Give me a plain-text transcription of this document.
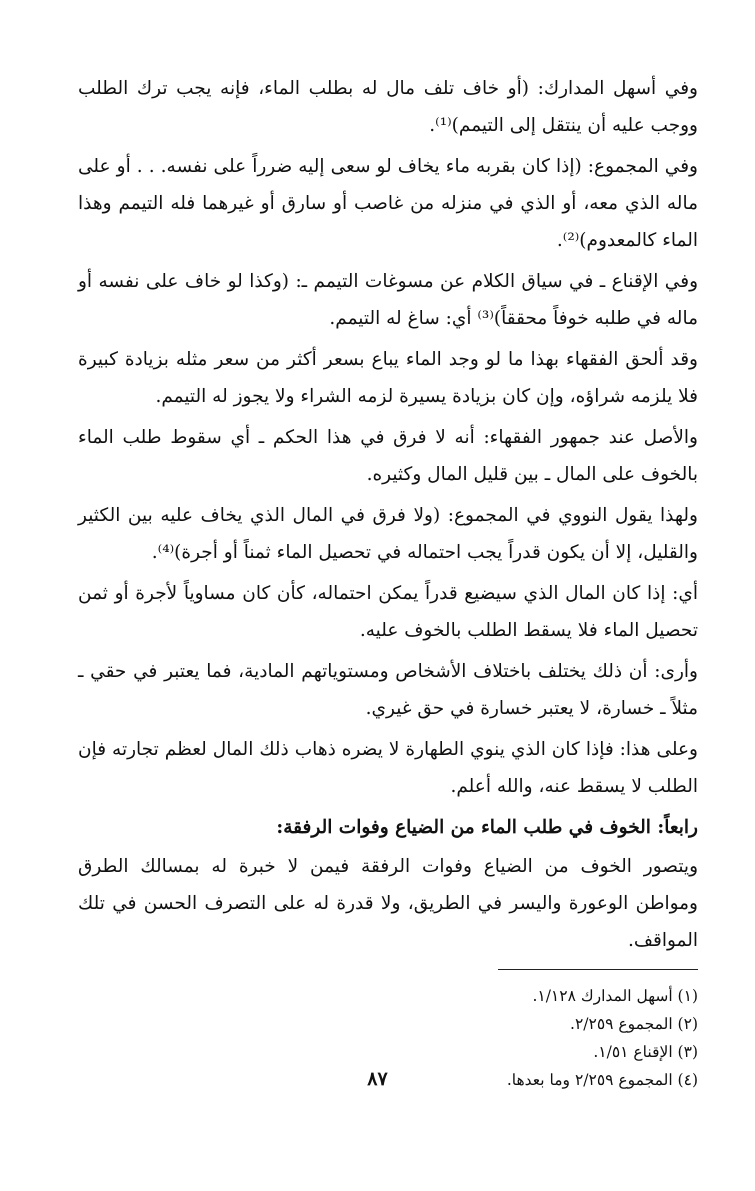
وفي أسهل المدارك: (أو خاف تلف مال له بطلب الماء، فإنه يجب ترك الطلب ووجب عليه أن ينتقل إلى التيمم)⁽¹⁾.

وفي المجموع: (إذا كان بقربه ماء يخاف لو سعى إليه ضرراً على نفسه. . . أو على ماله الذي معه، أو الذي في منزله من غاصب أو سارق أو غيرهما فله التيمم وهذا الماء كالمعدوم)⁽²⁾.

وفي الإقناع ـ في سياق الكلام عن مسوغات التيمم ـ: (وكذا لو خاف على نفسه أو ماله في طلبه خوفاً محققاً)⁽³⁾ أي: ساغ له التيمم.

وقد ألحق الفقهاء بهذا ما لو وجد الماء يباع بسعر أكثر من سعر مثله بزيادة كبيرة فلا يلزمه شراؤه، وإن كان بزيادة يسيرة لزمه الشراء ولا يجوز له التيمم.

والأصل عند جمهور الفقهاء: أنه لا فرق في هذا الحكم ـ أي سقوط طلب الماء بالخوف على المال ـ بين قليل المال وكثيره.

ولهذا يقول النووي في المجموع: (ولا فرق في المال الذي يخاف عليه بين الكثير والقليل، إلا أن يكون قدراً يجب احتماله في تحصيل الماء ثمناً أو أجرة)⁽⁴⁾.

أي: إذا كان المال الذي سيضيع قدراً يمكن احتماله، كأن كان مساوياً لأجرة أو ثمن تحصيل الماء فلا يسقط الطلب بالخوف عليه.

وأرى: أن ذلك يختلف باختلاف الأشخاص ومستوياتهم المادية، فما يعتبر في حقي ـ مثلاً ـ خسارة، لا يعتبر خسارة في حق غيري.

وعلى هذا: فإذا كان الذي ينوي الطهارة لا يضره ذهاب ذلك المال لعظم تجارته فإن الطلب لا يسقط عنه، والله أعلم.

رابعاً: الخوف في طلب الماء من الضياع وفوات الرفقة:

ويتصور الخوف من الضياع وفوات الرفقة فيمن لا خبرة له بمسالك الطرق ومواطن الوعورة واليسر في الطريق، ولا قدرة له على التصرف الحسن في تلك المواقف.

(١) أسهل المدارك ١/١٢٨.

(٢) المجموع ٢/٢٥٩.

(٣) الإقناع ١/٥١.

(٤) المجموع ٢/٢٥٩ وما بعدها.

٨٧
